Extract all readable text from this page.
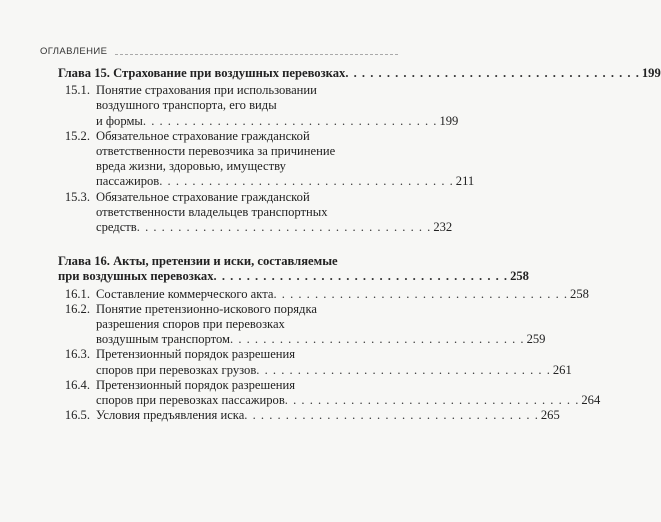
ОГЛАВЛЕНИЕ
Глава 15. Страхование при воздушных перевозках . . .	199
15.1. Понятие страхования при использовании
воздушного транспорта, его виды
и формы . . .	199
15.2. Обязательное страхование гражданской
ответственности перевозчика за причинение
вреда жизни, здоровью, имуществу
пассажиров . . .	211
15.3. Обязательное страхование гражданской
ответственности владельцев транспортных
средств . . .	232
Глава 16. Акты, претензии и иски, составляемые
при воздушных перевозках . . .	258
16.1. Составление коммерческого акта . . .	258
16.2. Понятие претензионно-искового порядка
разрешения споров при перевозках
воздушным транспортом . . .	259
16.3. Претензионный порядок разрешения
споров при перевозках грузов . . .	261
16.4. Претензионный порядок разрешения
споров при перевозках пассажиров . . .	264
16.5. Условия предъявления иска . . .	265
